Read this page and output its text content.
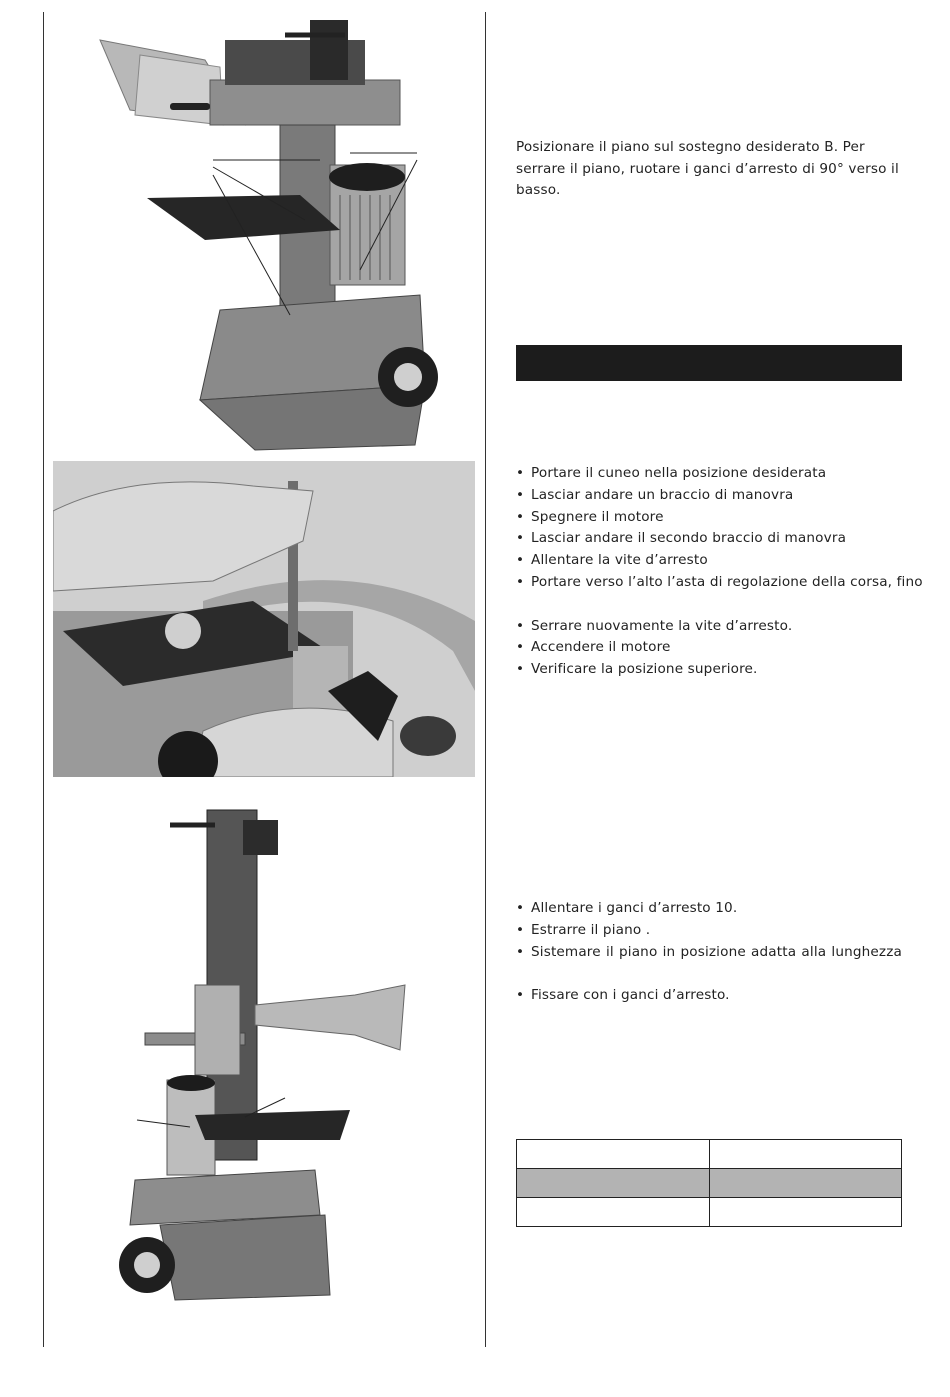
Posizionare il piano sul sostegno desiderato B. Per serrare il piano, ruotare i ganci d’arresto di 90° verso il basso.

• Portare il cuneo nella posizione desiderata
• Lasciar andare un braccio di manovra
• Spegnere il motore
• Lasciar andare il secondo braccio di manovra
• Allentare la vite d’arresto
• Portare verso l’alto l’asta di regolazione della corsa, fino
• Serrare nuovamente la vite d’arresto.
• Accendere il motore
• Verificare la posizione superiore.
• Allentare i ganci d’arresto 10.
• Estrarre il piano .
• Sistemare il piano in posizione adatta alla lunghezza
• Fissare con i ganci d’arresto.
